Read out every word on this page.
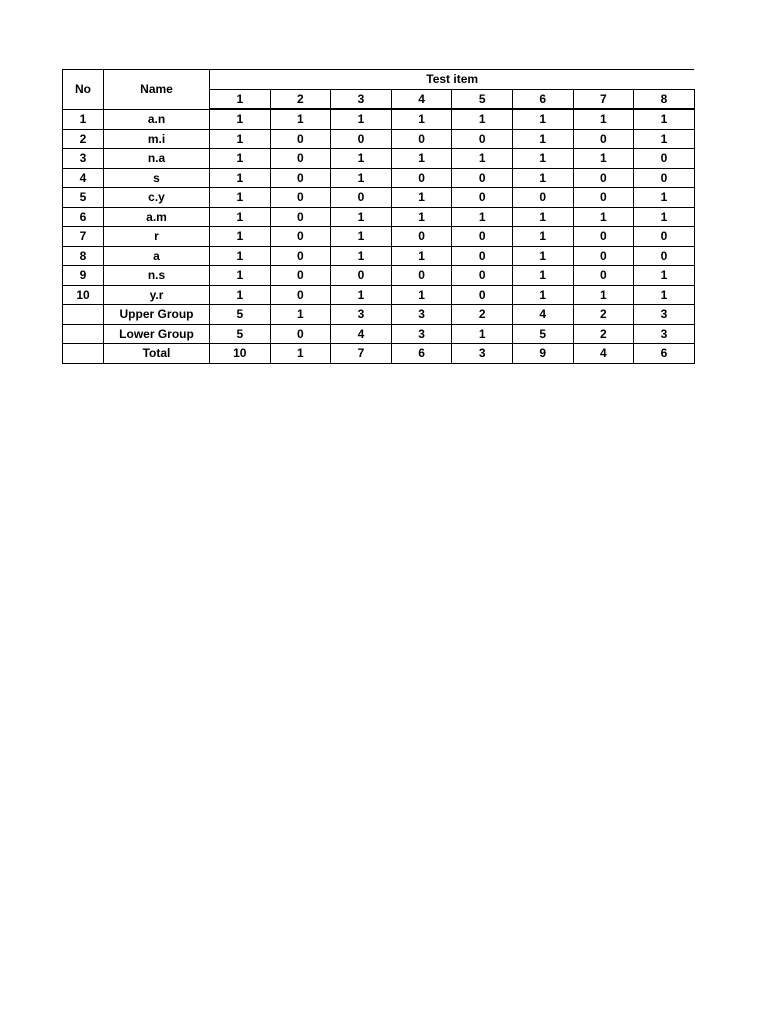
No	Name	Test item							
		1	2	3	4	5	6	7	8
1	a.n	1	1	1	1	1	1	1	1
2	m.i	1	0	0	0	0	1	0	1
3	n.a	1	0	1	1	1	1	1	0
4	s	1	0	1	0	0	1	0	0
5	c.y	1	0	0	1	0	0	0	1
6	a.m	1	0	1	1	1	1	1	1
7	r	1	0	1	0	0	1	0	0
8	a	1	0	1	1	0	1	0	0
9	n.s	1	0	0	0	0	1	0	1
10	y.r	1	0	1	1	0	1	1	1
	Upper Group	5	1	3	3	2	4	2	3
	Lower Group	5	0	4	3	1	5	2	3
	Total	10	1	7	6	3	9	4	6
